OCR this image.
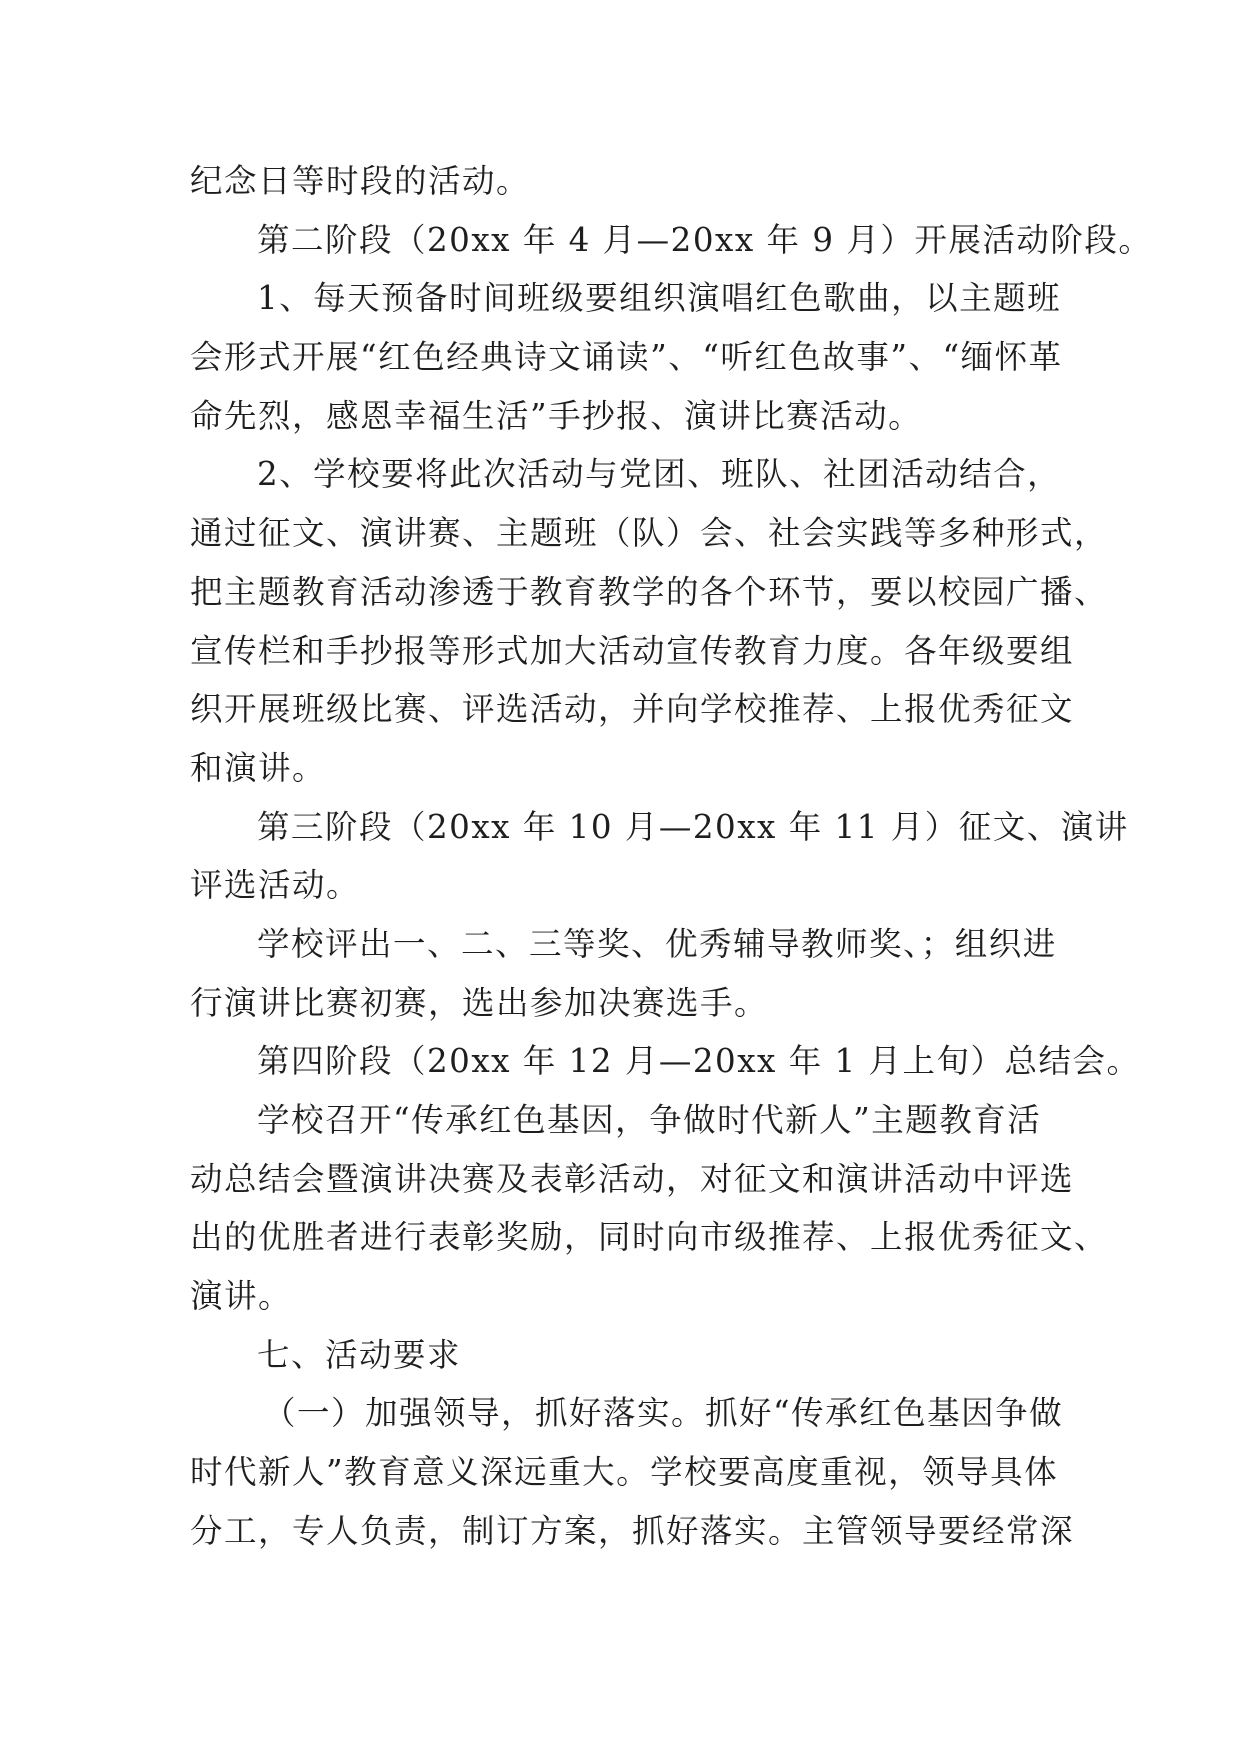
纪念日等时段的活动。
第二阶段（20xx 年 4 月—20xx 年 9 月）开展活动阶段。
1、每天预备时间班级要组织演唱红色歌曲，以主题班
会形式开展“红色经典诗文诵读”、“听红色故事”、“缅怀革
命先烈，感恩幸福生活”手抄报、演讲比赛活动。
2、学校要将此次活动与党团、班队、社团活动结合，
通过征文、演讲赛、主题班（队）会、社会实践等多种形式，
把主题教育活动渗透于教育教学的各个环节，要以校园广播、
宣传栏和手抄报等形式加大活动宣传教育力度。各年级要组
织开展班级比赛、评选活动，并向学校推荐、上报优秀征文
和演讲。
第三阶段（20xx 年 10 月—20xx 年 11 月）征文、演讲
评选活动。
学校评出一、二、三等奖、优秀辅导教师奖、；组织进
行演讲比赛初赛，选出参加决赛选手。
第四阶段（20xx 年 12 月—20xx 年 1 月上旬）总结会。
学校召开“传承红色基因，争做时代新人”主题教育活
动总结会暨演讲决赛及表彰活动，对征文和演讲活动中评选
出的优胜者进行表彰奖励，同时向市级推荐、上报优秀征文、
演讲。
七、活动要求
（一）加强领导，抓好落实。抓好“传承红色基因争做
时代新人”教育意义深远重大。学校要高度重视，领导具体
分工，专人负责，制订方案，抓好落实。主管领导要经常深
